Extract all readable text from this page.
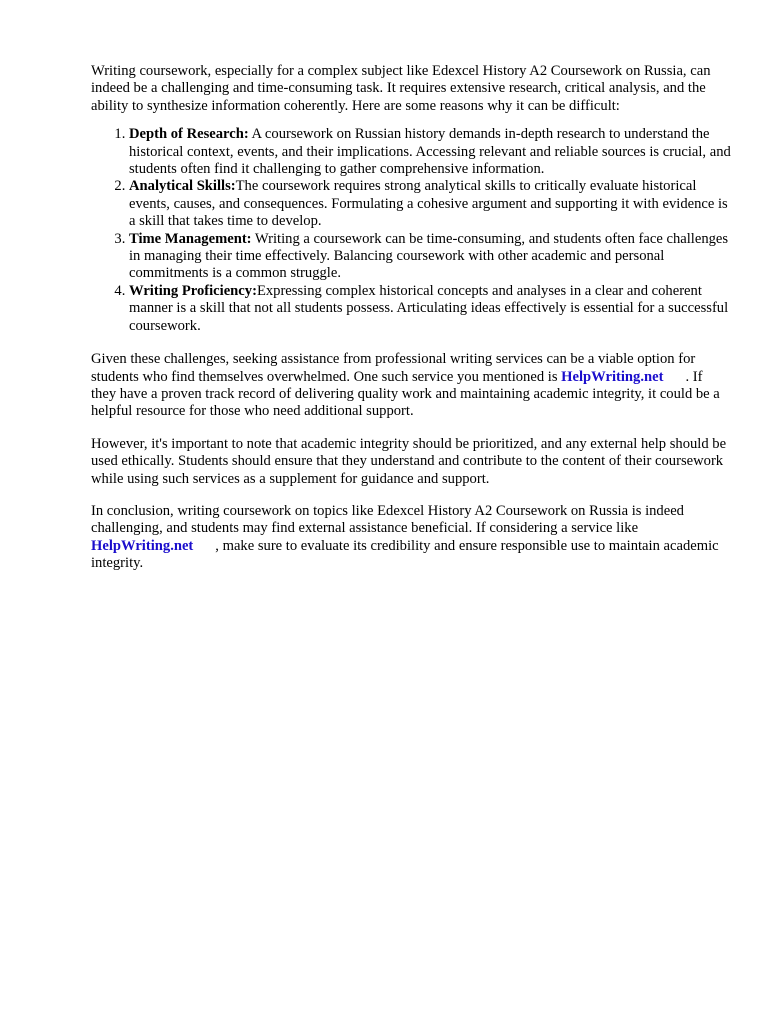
Writing coursework, especially for a complex subject like Edexcel History A2 Coursework on Russia, can indeed be a challenging and time-consuming task. It requires extensive research, critical analysis, and the ability to synthesize information coherently. Here are some reasons why it can be difficult:

1. Depth of Research: A coursework on Russian history demands in-depth research to understand the historical context, events, and their implications. Accessing relevant and reliable sources is crucial, and students often find it challenging to gather comprehensive information.
2. Analytical Skills:The coursework requires strong analytical skills to critically evaluate historical events, causes, and consequences. Formulating a cohesive argument and supporting it with evidence is a skill that takes time to develop.
3. Time Management: Writing a coursework can be time-consuming, and students often face challenges in managing their time effectively. Balancing coursework with other academic and personal commitments is a common struggle.
4. Writing Proficiency:Expressing complex historical concepts and analyses in a clear and coherent manner is a skill that not all students possess. Articulating ideas effectively is essential for a successful coursework.

Given these challenges, seeking assistance from professional writing services can be a viable option for students who find themselves overwhelmed. One such service you mentioned is HelpWriting.net . If they have a proven track record of delivering quality work and maintaining academic integrity, it could be a helpful resource for those who need additional support.

However, it's important to note that academic integrity should be prioritized, and any external help should be used ethically. Students should ensure that they understand and contribute to the content of their coursework while using such services as a supplement for guidance and support.

In conclusion, writing coursework on topics like Edexcel History A2 Coursework on Russia is indeed challenging, and students may find external assistance beneficial. If considering a service like HelpWriting.net , make sure to evaluate its credibility and ensure responsible use to maintain academic integrity.
